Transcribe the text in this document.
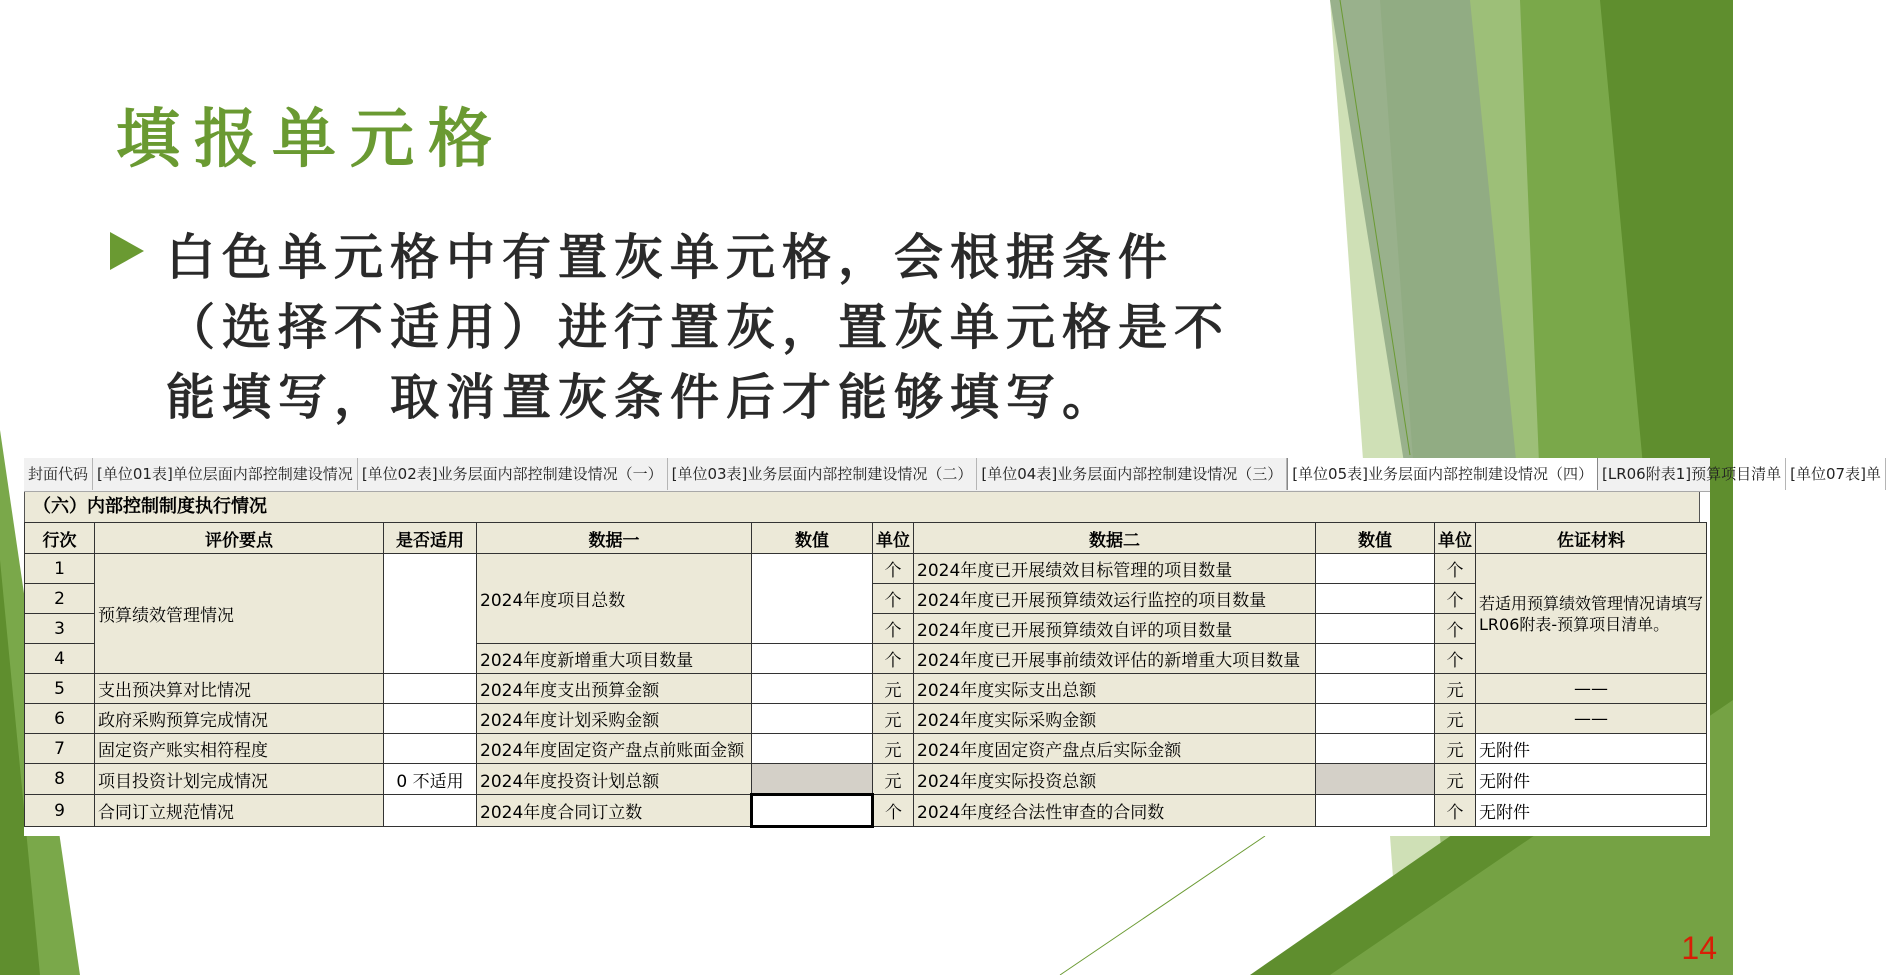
填报单元格
白色单元格中有置灰单元格，会根据条件（选择不适用）进行置灰，置灰单元格是不能填写，取消置灰条件后才能够填写。
封面代码 [单位01表]单位层面内部控制建设情况 [单位02表]业务层面内部控制建设情况（一） [单位03表]业务层面内部控制建设情况（二） [单位04表]业务层面内部控制建设情况（三） [单位05表]业务层面内部控制建设情况（四） [LR06附表1]预算项目清单 [单位07表]单
（六）内部控制制度执行情况
行次	评价要点	是否适用	数据一	数值	单位	数据二	数值	单位	佐证材料
1	预算绩效管理情况		2024年度项目总数		个	2024年度已开展绩效目标管理的项目数量		个	若适用预算绩效管理情况请填写LR06附表-预算项目清单。
2					个	2024年度已开展预算绩效运行监控的项目数量		个	
3					个	2024年度已开展预算绩效自评的项目数量		个	
4			2024年度新增重大项目数量		个	2024年度已开展事前绩效评估的新增重大项目数量		个	
5	支出预决算对比情况		2024年度支出预算金额		元	2024年度实际支出总额		元	——
6	政府采购预算完成情况		2024年度计划采购金额		元	2024年度实际采购金额		元	——
7	固定资产账实相符程度		2024年度固定资产盘点前账面金额		元	2024年度固定资产盘点后实际金额		元	无附件
8	项目投资计划完成情况	0 不适用	2024年度投资计划总额		元	2024年度实际投资总额		元	无附件
9	合同订立规范情况		2024年度合同订立数		个	2024年度经合法性审查的合同数		个	无附件
14
